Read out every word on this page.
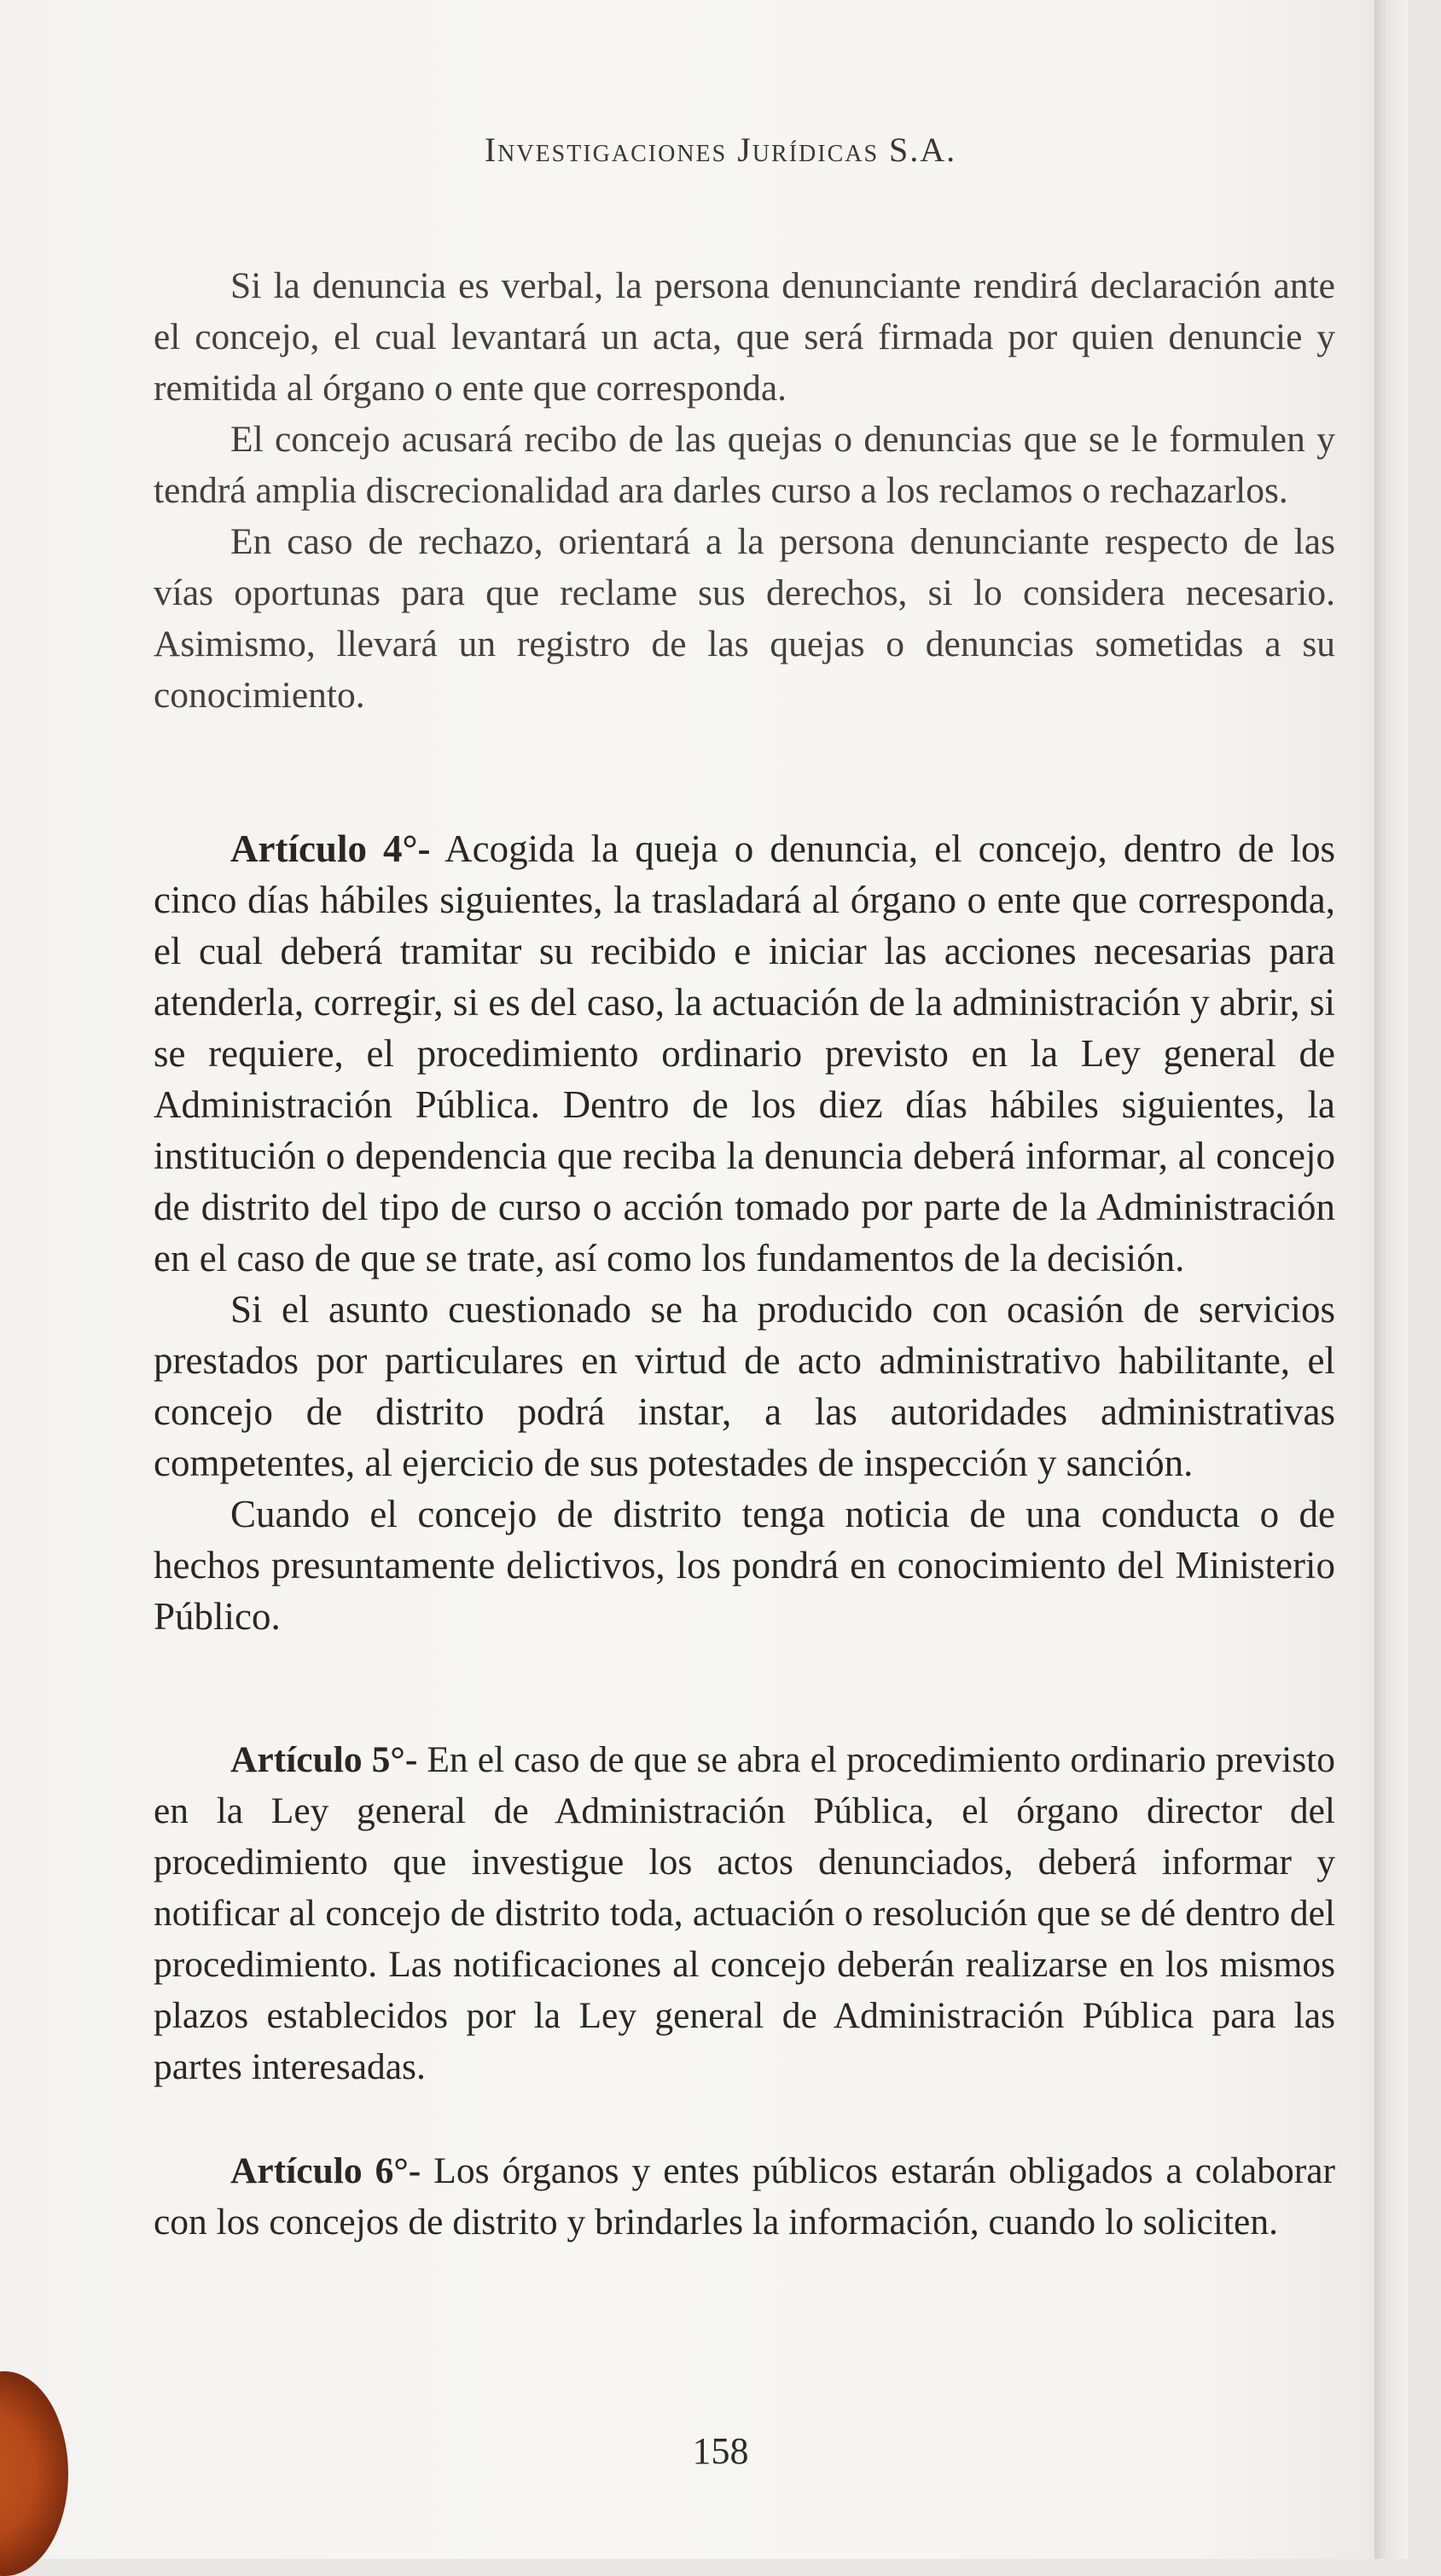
Investigaciones Jurídicas S.A.

Si la denuncia es verbal, la persona denunciante rendirá declaración ante el concejo, el cual levantará un acta, que será firmada por quien denuncie y remitida al órgano o ente que corresponda.

El concejo acusará recibo de las quejas o denuncias que se le formulen y tendrá amplia discrecionalidad ara darles curso a los reclamos o rechazarlos.

En caso de rechazo, orientará a la persona denunciante respecto de las vías oportunas para que reclame sus derechos, si lo considera necesario. Asimismo, llevará un registro de las quejas o denuncias sometidas a su conocimiento.

Artículo 4°- Acogida la queja o denuncia, el concejo, dentro de los cinco días hábiles siguientes, la trasladará al órgano o ente que corresponda, el cual deberá tramitar su recibido e iniciar las acciones necesarias para atenderla, corregir, si es del caso, la actuación de la administración y abrir, si se requiere, el procedimiento ordinario previsto en la Ley general de Administración Pública. Dentro de los diez días hábiles siguientes, la institución o dependencia que reciba la denuncia deberá informar, al concejo de distrito del tipo de curso o acción tomado por parte de la Administración en el caso de que se trate, así como los fundamentos de la decisión.

Si el asunto cuestionado se ha producido con ocasión de servicios prestados por particulares en virtud de acto administrativo habilitante, el concejo de distrito podrá instar, a las autoridades administrativas competentes, al ejercicio de sus potestades de inspección y sanción.

Cuando el concejo de distrito tenga noticia de una conducta o de hechos presuntamente delictivos, los pondrá en conocimiento del Ministerio Público.

Artículo 5°- En el caso de que se abra el procedimiento ordinario previsto en la Ley general de Administración Pública, el órgano director del procedimiento que investigue los actos denunciados, deberá informar y notificar al concejo de distrito toda, actuación o resolución que se dé dentro del procedimiento. Las notificaciones al concejo deberán realizarse en los mismos plazos establecidos por la Ley general de Administración Pública para las partes interesadas.

Artículo 6°- Los órganos y entes públicos estarán obligados a colaborar con los concejos de distrito y brindarles la información, cuando lo soliciten.

158
